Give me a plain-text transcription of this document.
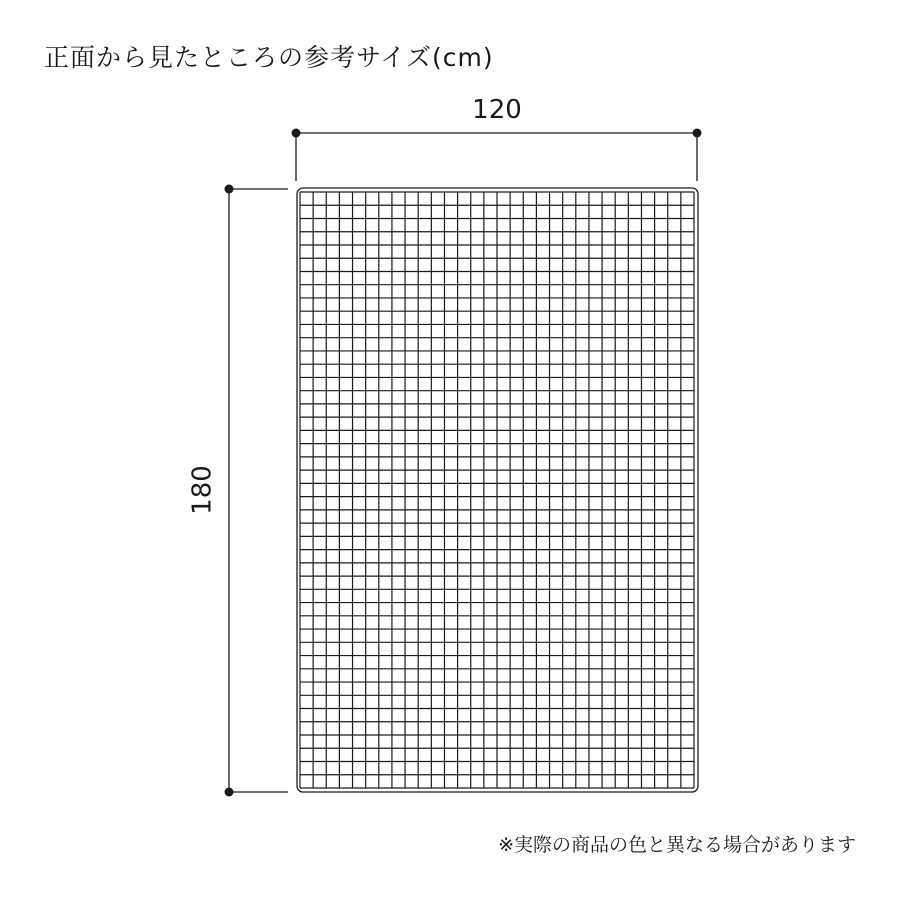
正面から見たところの参考サイズ(cm)
120
180
※実際の商品の色と異なる場合があります
